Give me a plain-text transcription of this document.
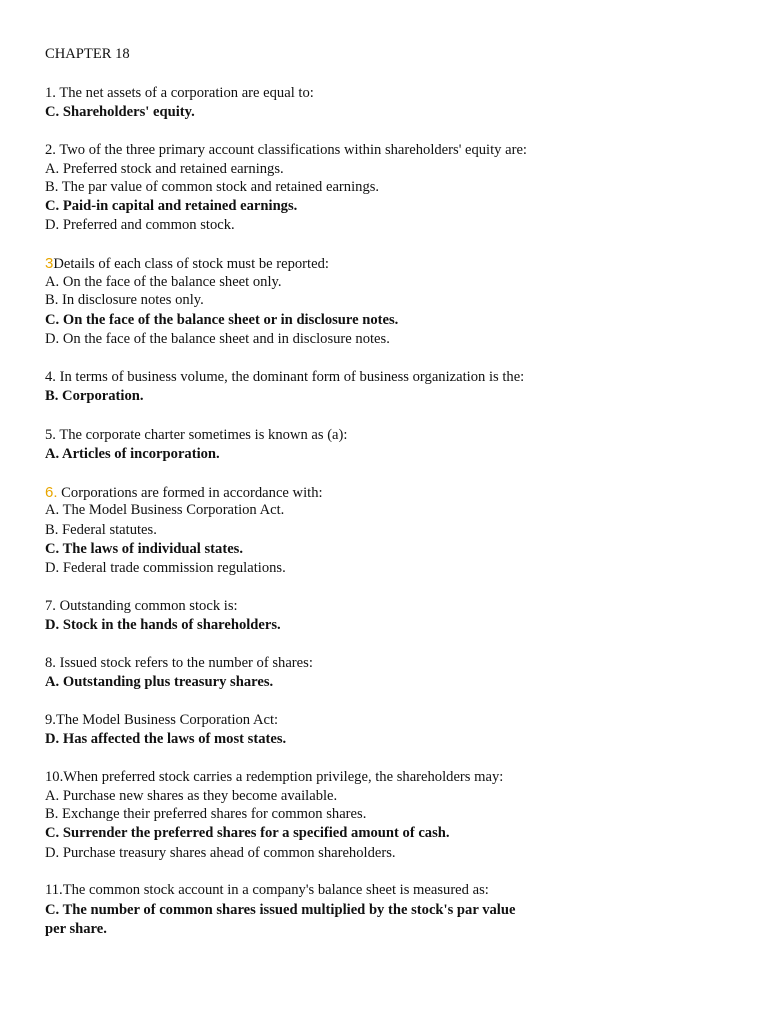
CHAPTER 18
1. The net assets of a corporation are equal to:
C. Shareholders' equity.
2. Two of the three primary account classifications within shareholders' equity are:
A. Preferred stock and retained earnings.
B. The par value of common stock and retained earnings.
C. Paid-in capital and retained earnings.
D. Preferred and common stock.
3Details of each class of stock must be reported:
A. On the face of the balance sheet only.
B. In disclosure notes only.
C. On the face of the balance sheet or in disclosure notes.
D. On the face of the balance sheet and in disclosure notes.
4. In terms of business volume, the dominant form of business organization is the:
B. Corporation.
5. The corporate charter sometimes is known as (a):
A. Articles of incorporation.
6. Corporations are formed in accordance with:
A. The Model Business Corporation Act.
B. Federal statutes.
C. The laws of individual states.
D. Federal trade commission regulations.
7. Outstanding common stock is:
D. Stock in the hands of shareholders.
8. Issued stock refers to the number of shares:
A. Outstanding plus treasury shares.
9.The Model Business Corporation Act:
D. Has affected the laws of most states.
10.When preferred stock carries a redemption privilege, the shareholders may:
A. Purchase new shares as they become available.
B. Exchange their preferred shares for common shares.
C. Surrender the preferred shares for a specified amount of cash.
D. Purchase treasury shares ahead of common shareholders.
11.The common stock account in a company's balance sheet is measured as:
C. The number of common shares issued multiplied by the stock's par value
per share.
